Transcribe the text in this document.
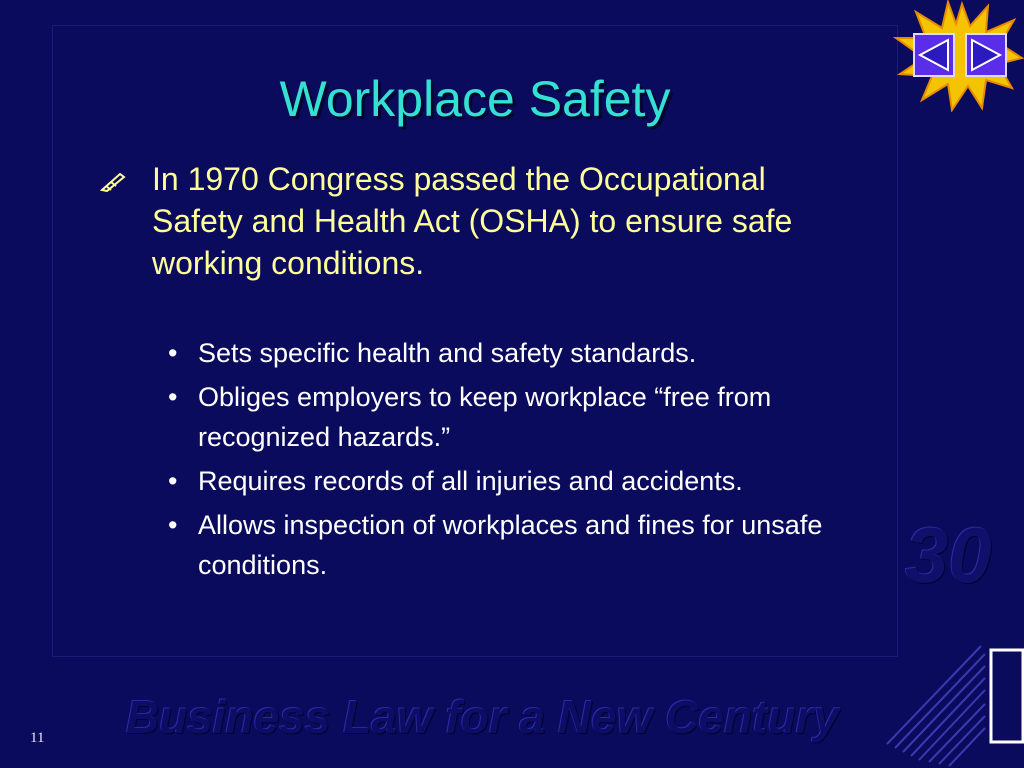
Workplace Safety
In 1970 Congress passed the Occupational Safety and Health Act (OSHA) to ensure safe working conditions.
• Sets specific health and safety standards.
• Obliges employers to keep workplace “free from recognized hazards.”
• Requires records of all injuries and accidents.
• Allows inspection of workplaces and fines for unsafe conditions.	30
Business Law for a New Century
11
